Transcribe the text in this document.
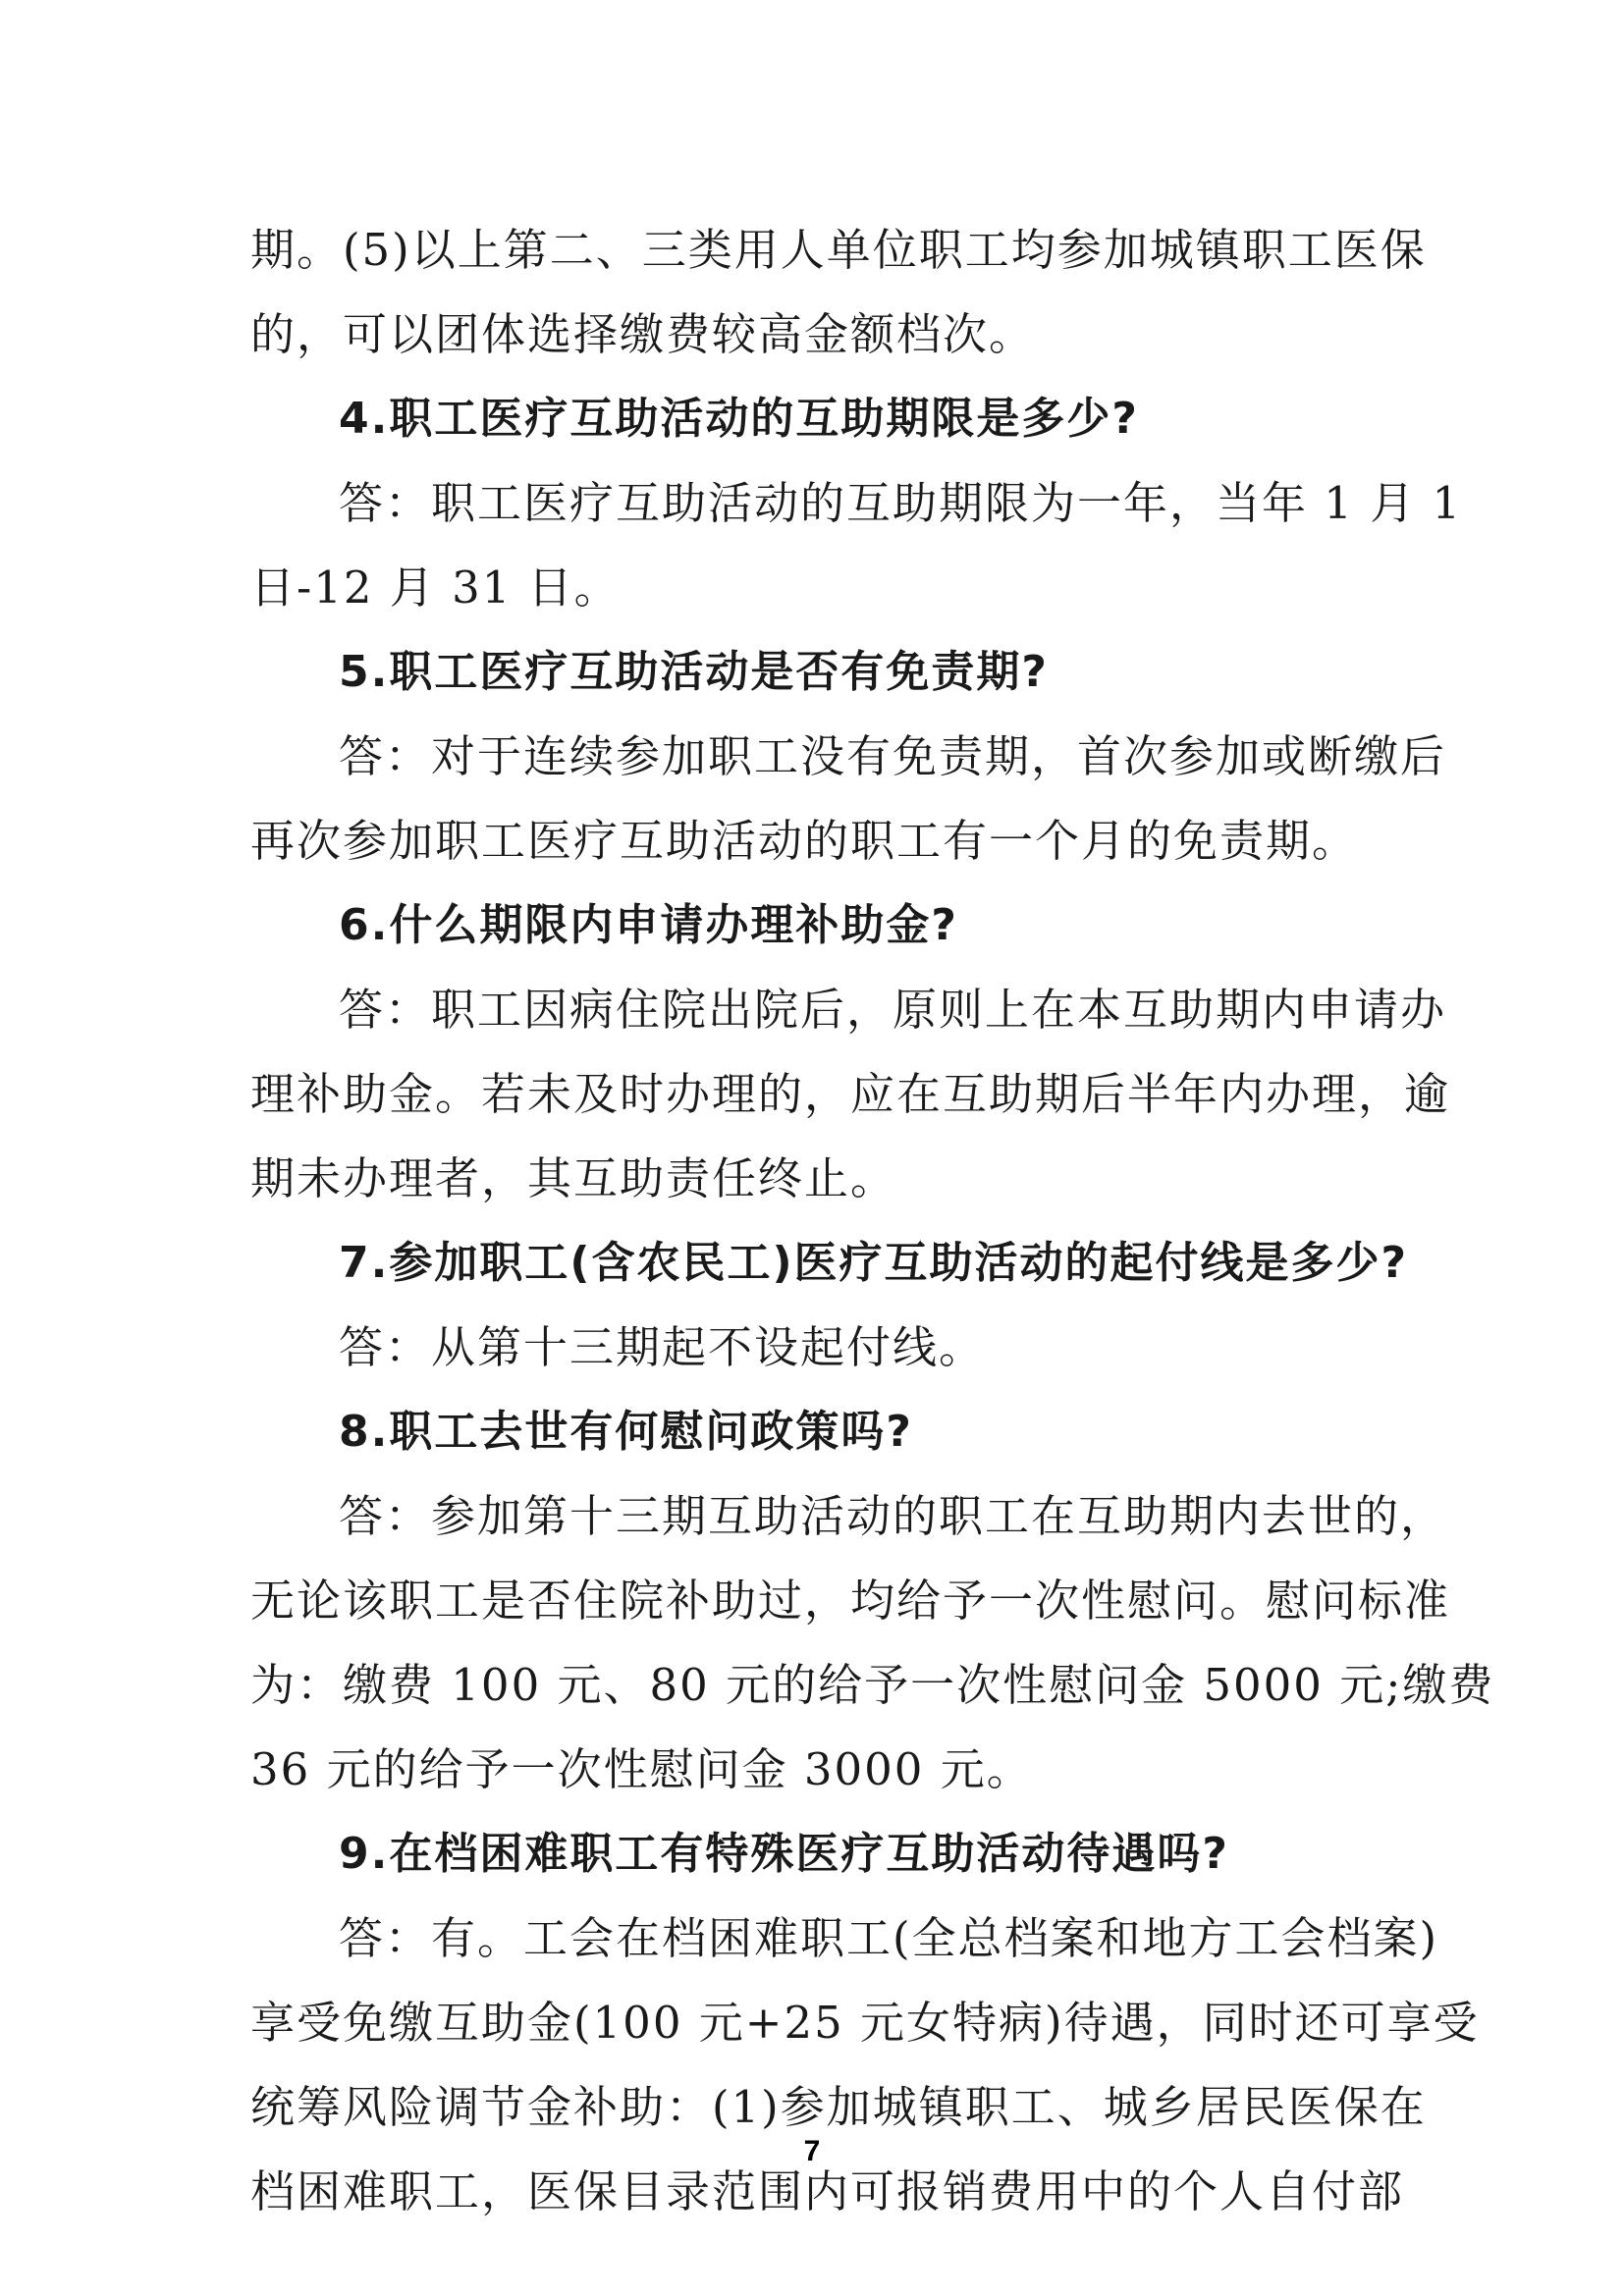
期。(5)以上第二、三类用人单位职工均参加城镇职工医保
的，可以团体选择缴费较高金额档次。
4.职工医疗互助活动的互助期限是多少?
答：职工医疗互助活动的互助期限为一年，当年 1 月 1
日-12 月 31 日。
5.职工医疗互助活动是否有免责期?
答：对于连续参加职工没有免责期，首次参加或断缴后
再次参加职工医疗互助活动的职工有一个月的免责期。
6.什么期限内申请办理补助金?
答：职工因病住院出院后，原则上在本互助期内申请办
理补助金。若未及时办理的，应在互助期后半年内办理，逾
期未办理者，其互助责任终止。
7.参加职工(含农民工)医疗互助活动的起付线是多少?
答：从第十三期起不设起付线。
8.职工去世有何慰问政策吗?
答：参加第十三期互助活动的职工在互助期内去世的，
无论该职工是否住院补助过，均给予一次性慰问。慰问标准
为：缴费 100 元、80 元的给予一次性慰问金 5000 元;缴费
36 元的给予一次性慰问金 3000 元。
9.在档困难职工有特殊医疗互助活动待遇吗?
答：有。工会在档困难职工(全总档案和地方工会档案)
享受免缴互助金(100 元+25 元女特病)待遇，同时还可享受
统筹风险调节金补助：(1)参加城镇职工、城乡居民医保在
档困难职工，医保目录范围内可报销费用中的个人自付部
7
